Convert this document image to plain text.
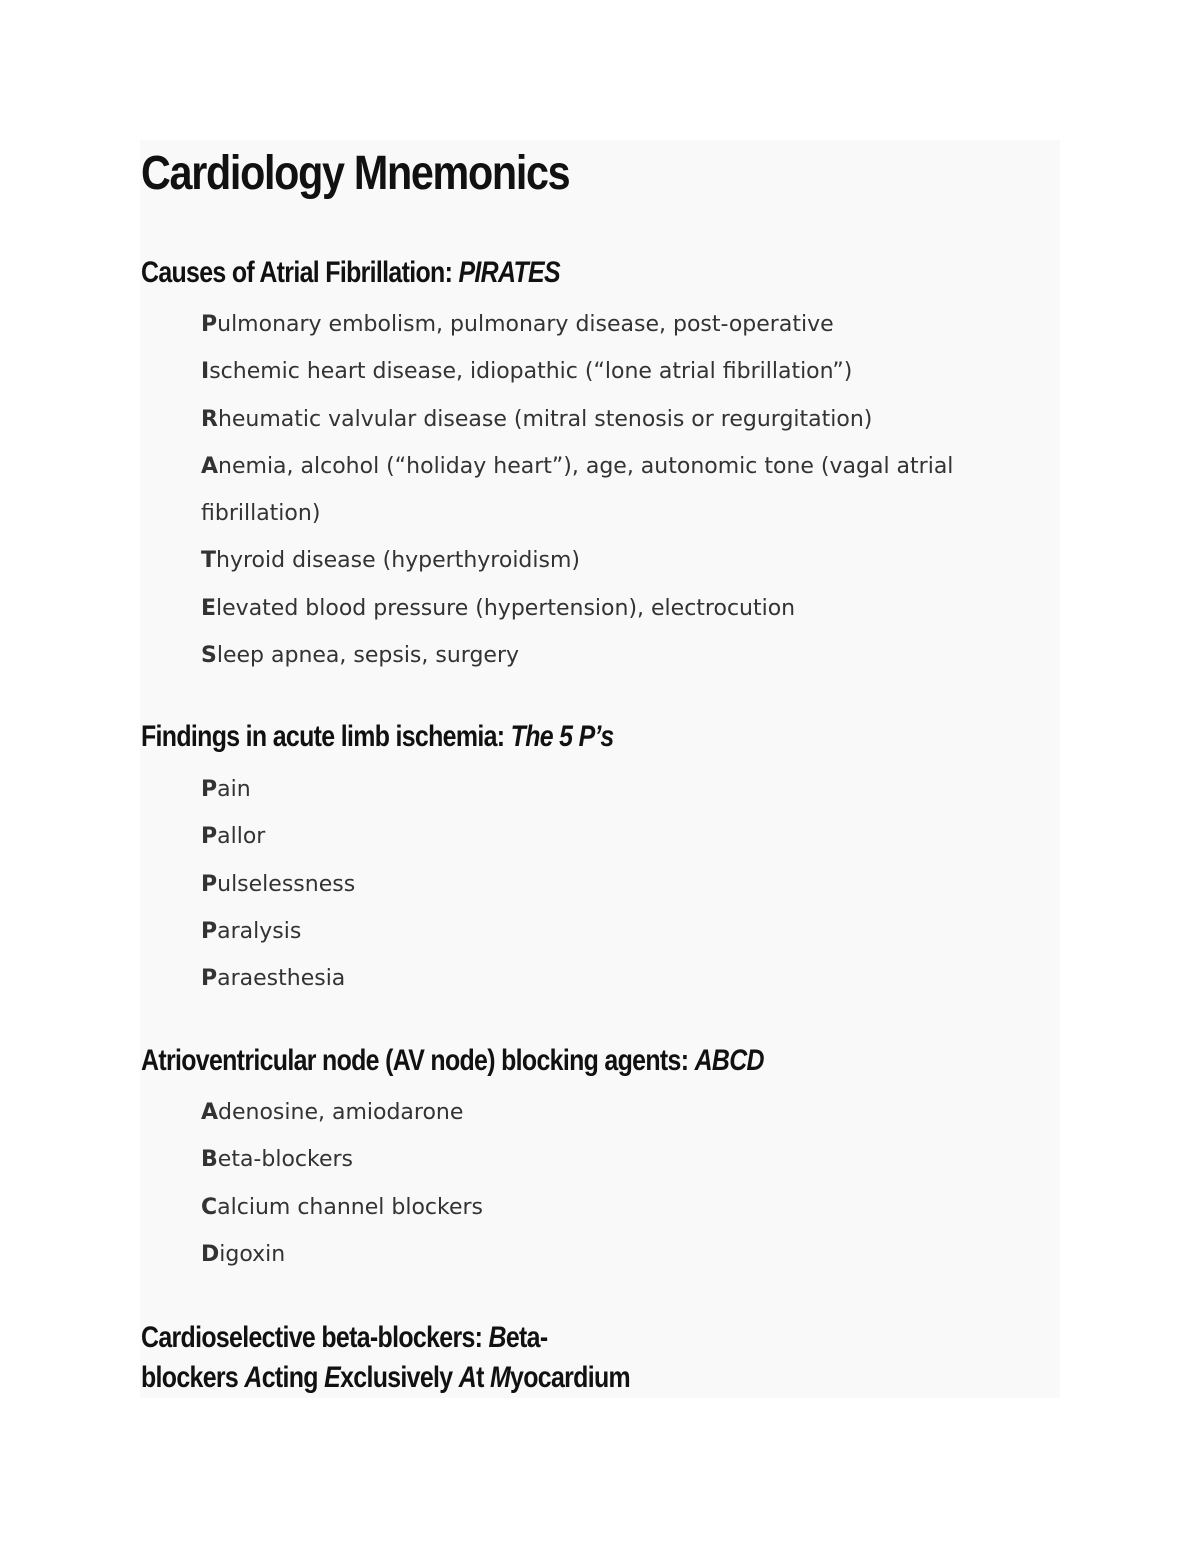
Cardiology Mnemonics
Causes of Atrial Fibrillation: PIRATES
Pulmonary embolism, pulmonary disease, post-operative
Ischemic heart disease, idiopathic (“lone atrial fibrillation”)
Rheumatic valvular disease (mitral stenosis or regurgitation)
Anemia, alcohol (“holiday heart”), age, autonomic tone (vagal atrial fibrillation)
Thyroid disease (hyperthyroidism)
Elevated blood pressure (hypertension), electrocution
Sleep apnea, sepsis, surgery
Findings in acute limb ischemia: The 5 P’s
Pain
Pallor
Pulselessness
Paralysis
Paraesthesia
Atrioventricular node (AV node) blocking agents: ABCD
Adenosine, amiodarone
Beta-blockers
Calcium channel blockers
Digoxin
Cardioselective beta-blockers: Beta-
blockers Acting Exclusively At Myocardium
